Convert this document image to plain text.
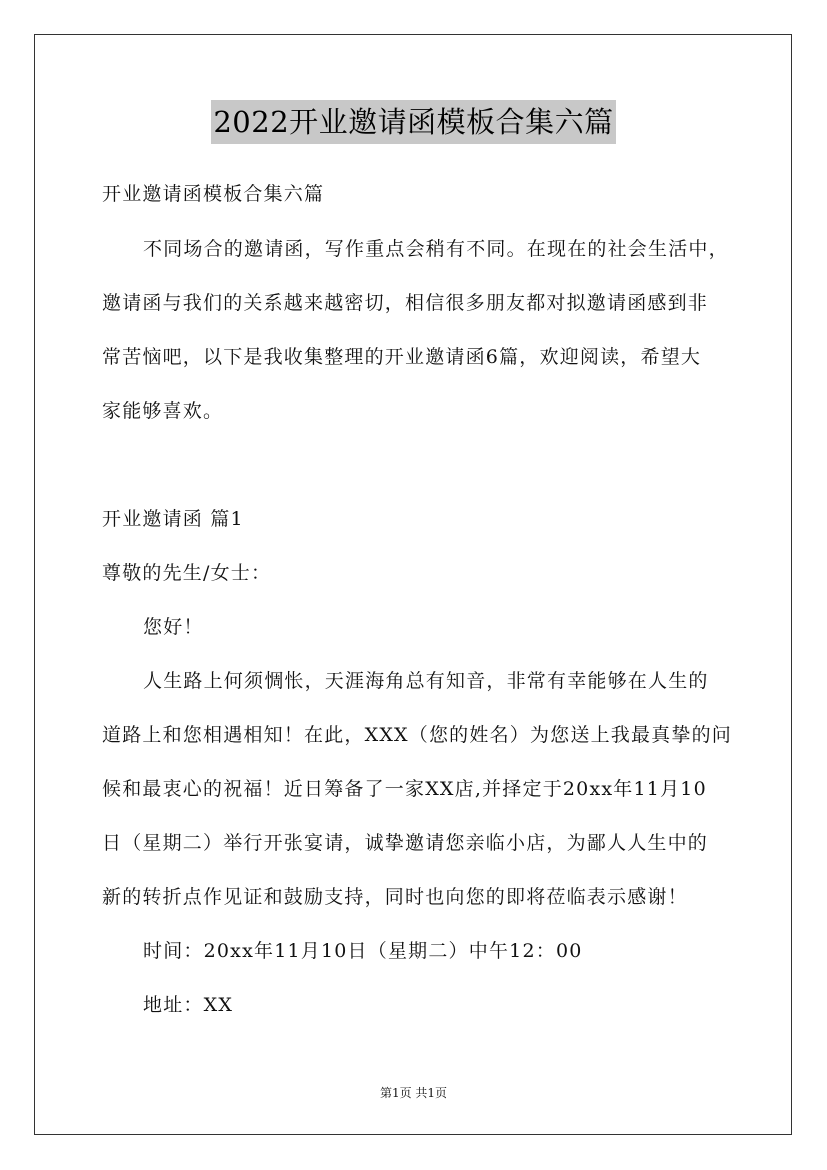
2022开业邀请函模板合集六篇
开业邀请函模板合集六篇
不同场合的邀请函，写作重点会稍有不同。在现在的社会生活中，
邀请函与我们的关系越来越密切，相信很多朋友都对拟邀请函感到非
常苦恼吧，以下是我收集整理的开业邀请函6篇，欢迎阅读，希望大
家能够喜欢。
开业邀请函 篇1
尊敬的先生/女士：
您好！
人生路上何须惆怅，天涯海角总有知音，非常有幸能够在人生的
道路上和您相遇相知！在此，XXX（您的姓名）为您送上我最真挚的问
候和最衷心的祝福！近日筹备了一家XX店,并择定于20xx年11月10
日（星期二）举行开张宴请，诚挚邀请您亲临小店，为鄙人人生中的
新的转折点作见证和鼓励支持，同时也向您的即将莅临表示感谢！
时间：20xx年11月10日（星期二）中午12：00
地址：XX
第1页 共1页
